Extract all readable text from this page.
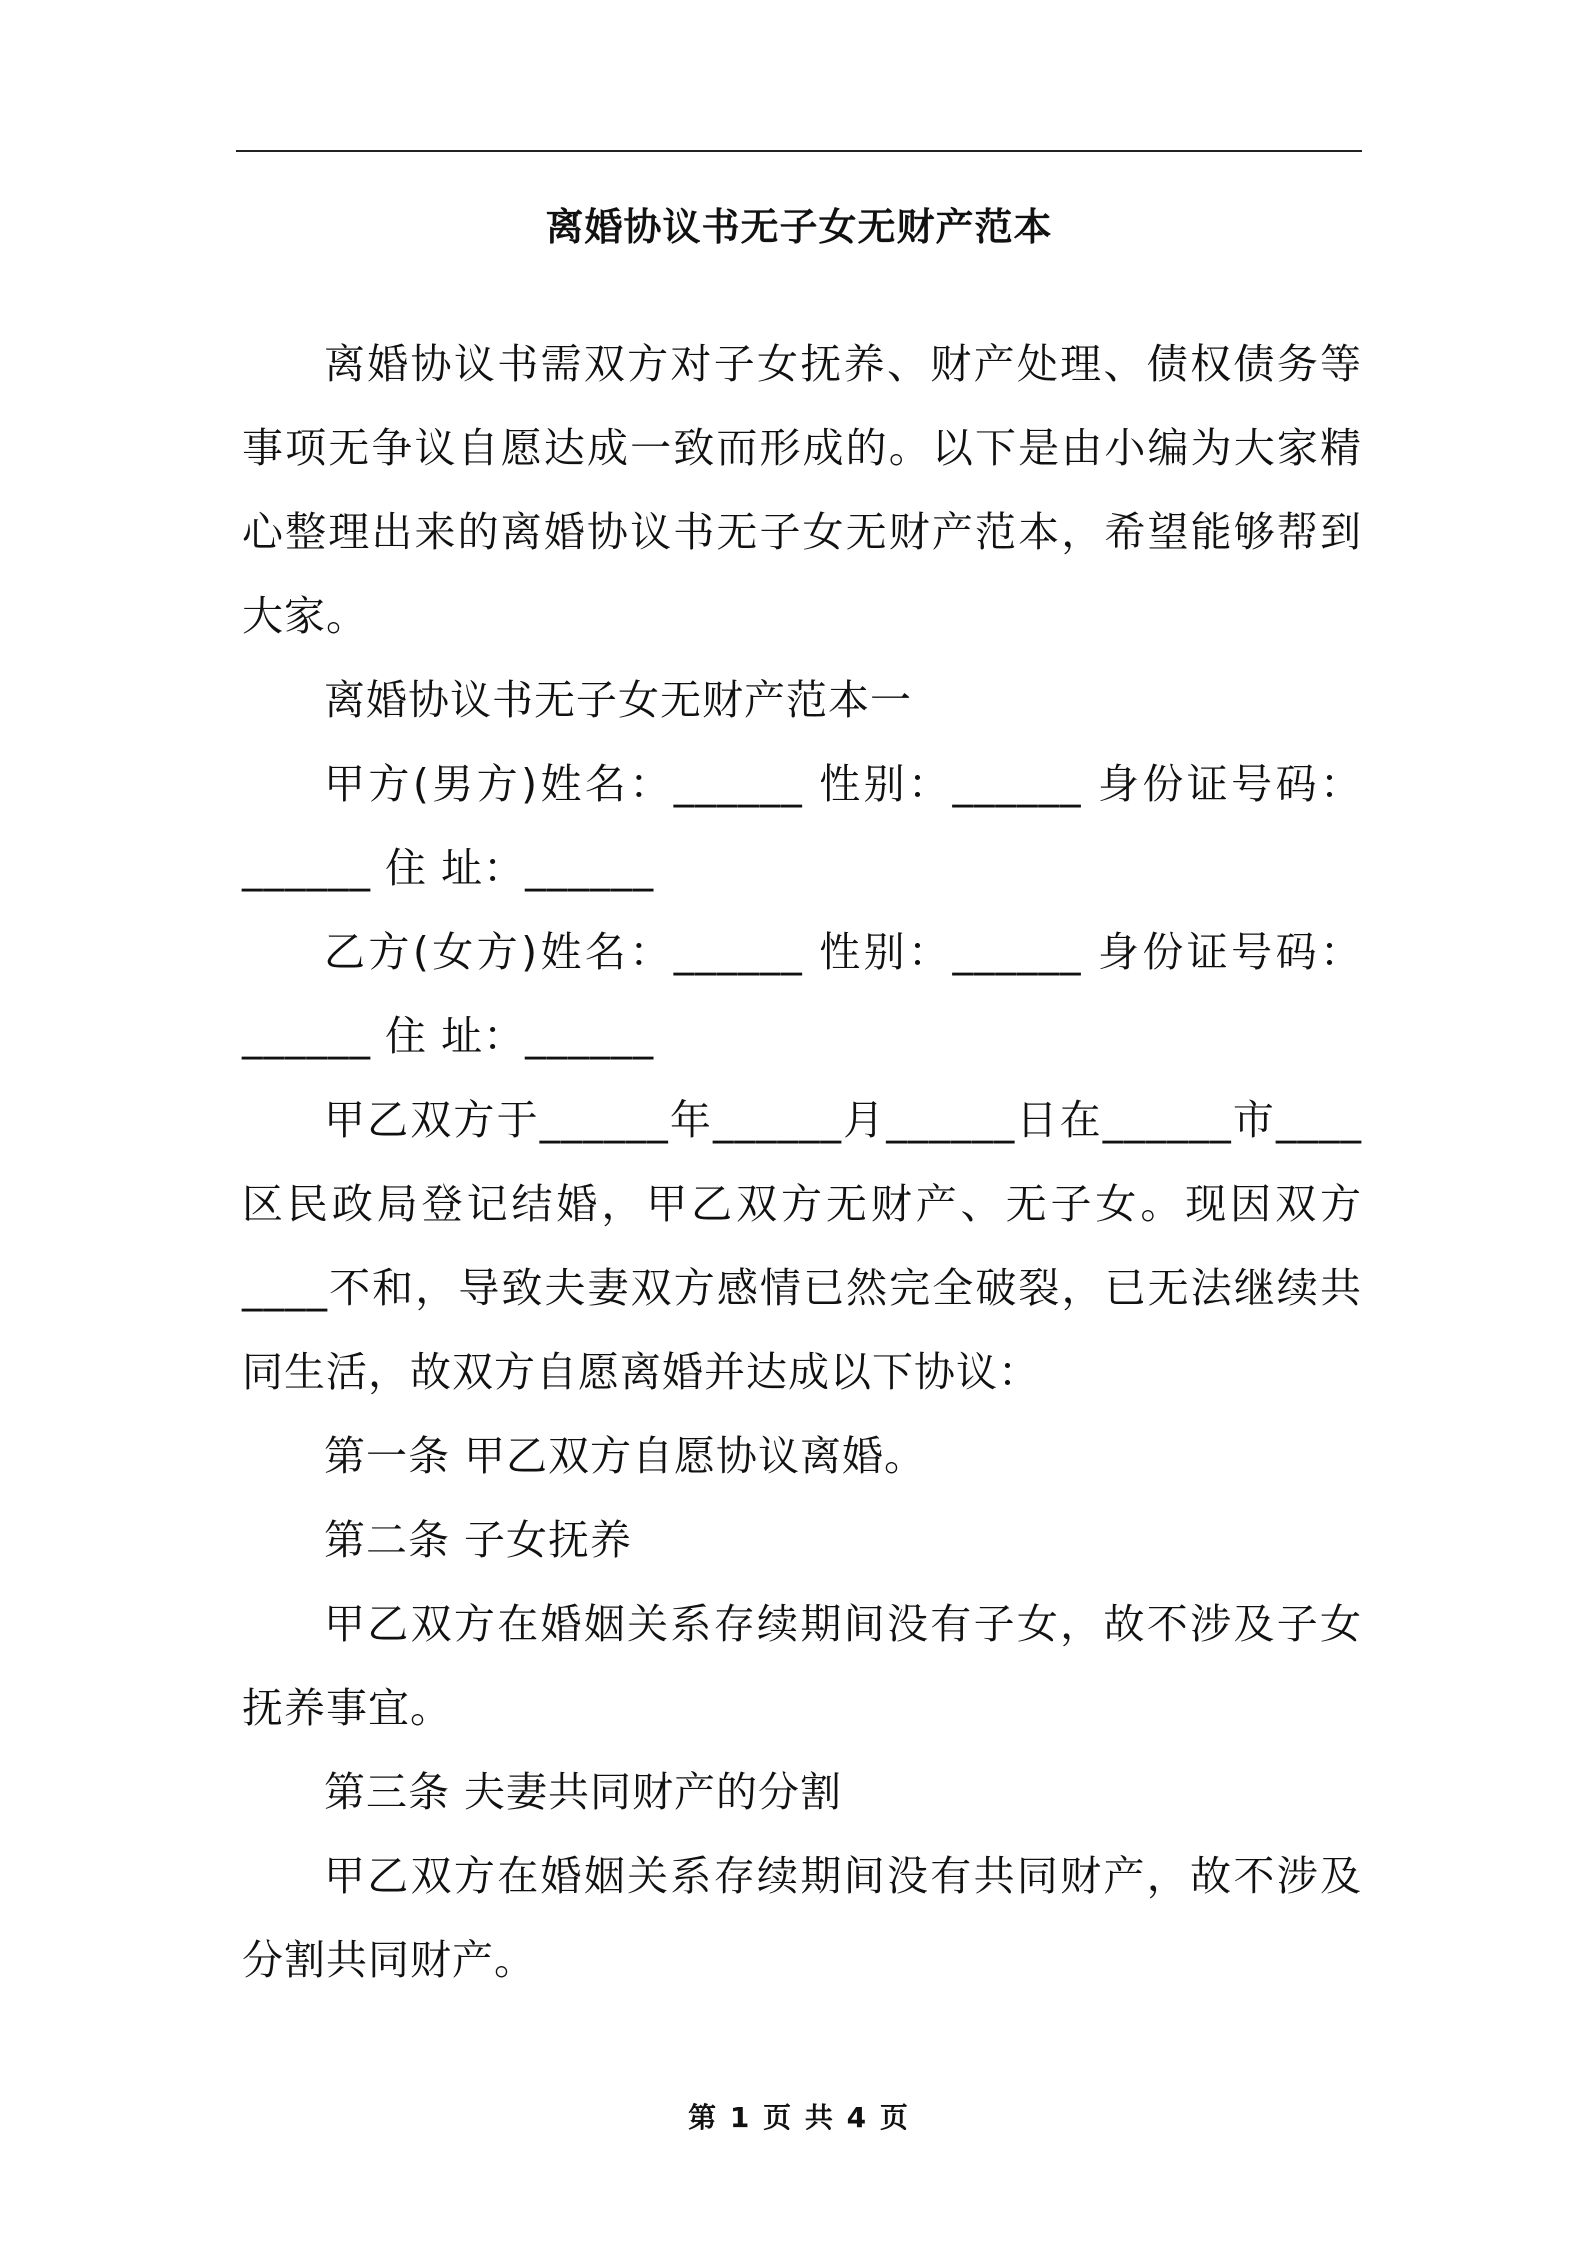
离婚协议书无子女无财产范本

离婚协议书需双方对子女抚养、财产处理、债权债务等事项无争议自愿达成一致而形成的。以下是由小编为大家精心整理出来的离婚协议书无子女无财产范本，希望能够帮到大家。

离婚协议书无子女无财产范本一

甲方(男方)姓名：______ 性别：______ 身份证号码：______ 住 址：______

乙方(女方)姓名：______ 性别：______ 身份证号码：______ 住 址：______

甲乙双方于______年______月______日在______市____区民政局登记结婚，甲乙双方无财产、无子女。现因双方____不和，导致夫妻双方感情已然完全破裂，已无法继续共同生活，故双方自愿离婚并达成以下协议：

第一条 甲乙双方自愿协议离婚。

第二条 子女抚养

甲乙双方在婚姻关系存续期间没有子女，故不涉及子女抚养事宜。

第三条 夫妻共同财产的分割

甲乙双方在婚姻关系存续期间没有共同财产，故不涉及分割共同财产。

第 1 页 共 4 页
